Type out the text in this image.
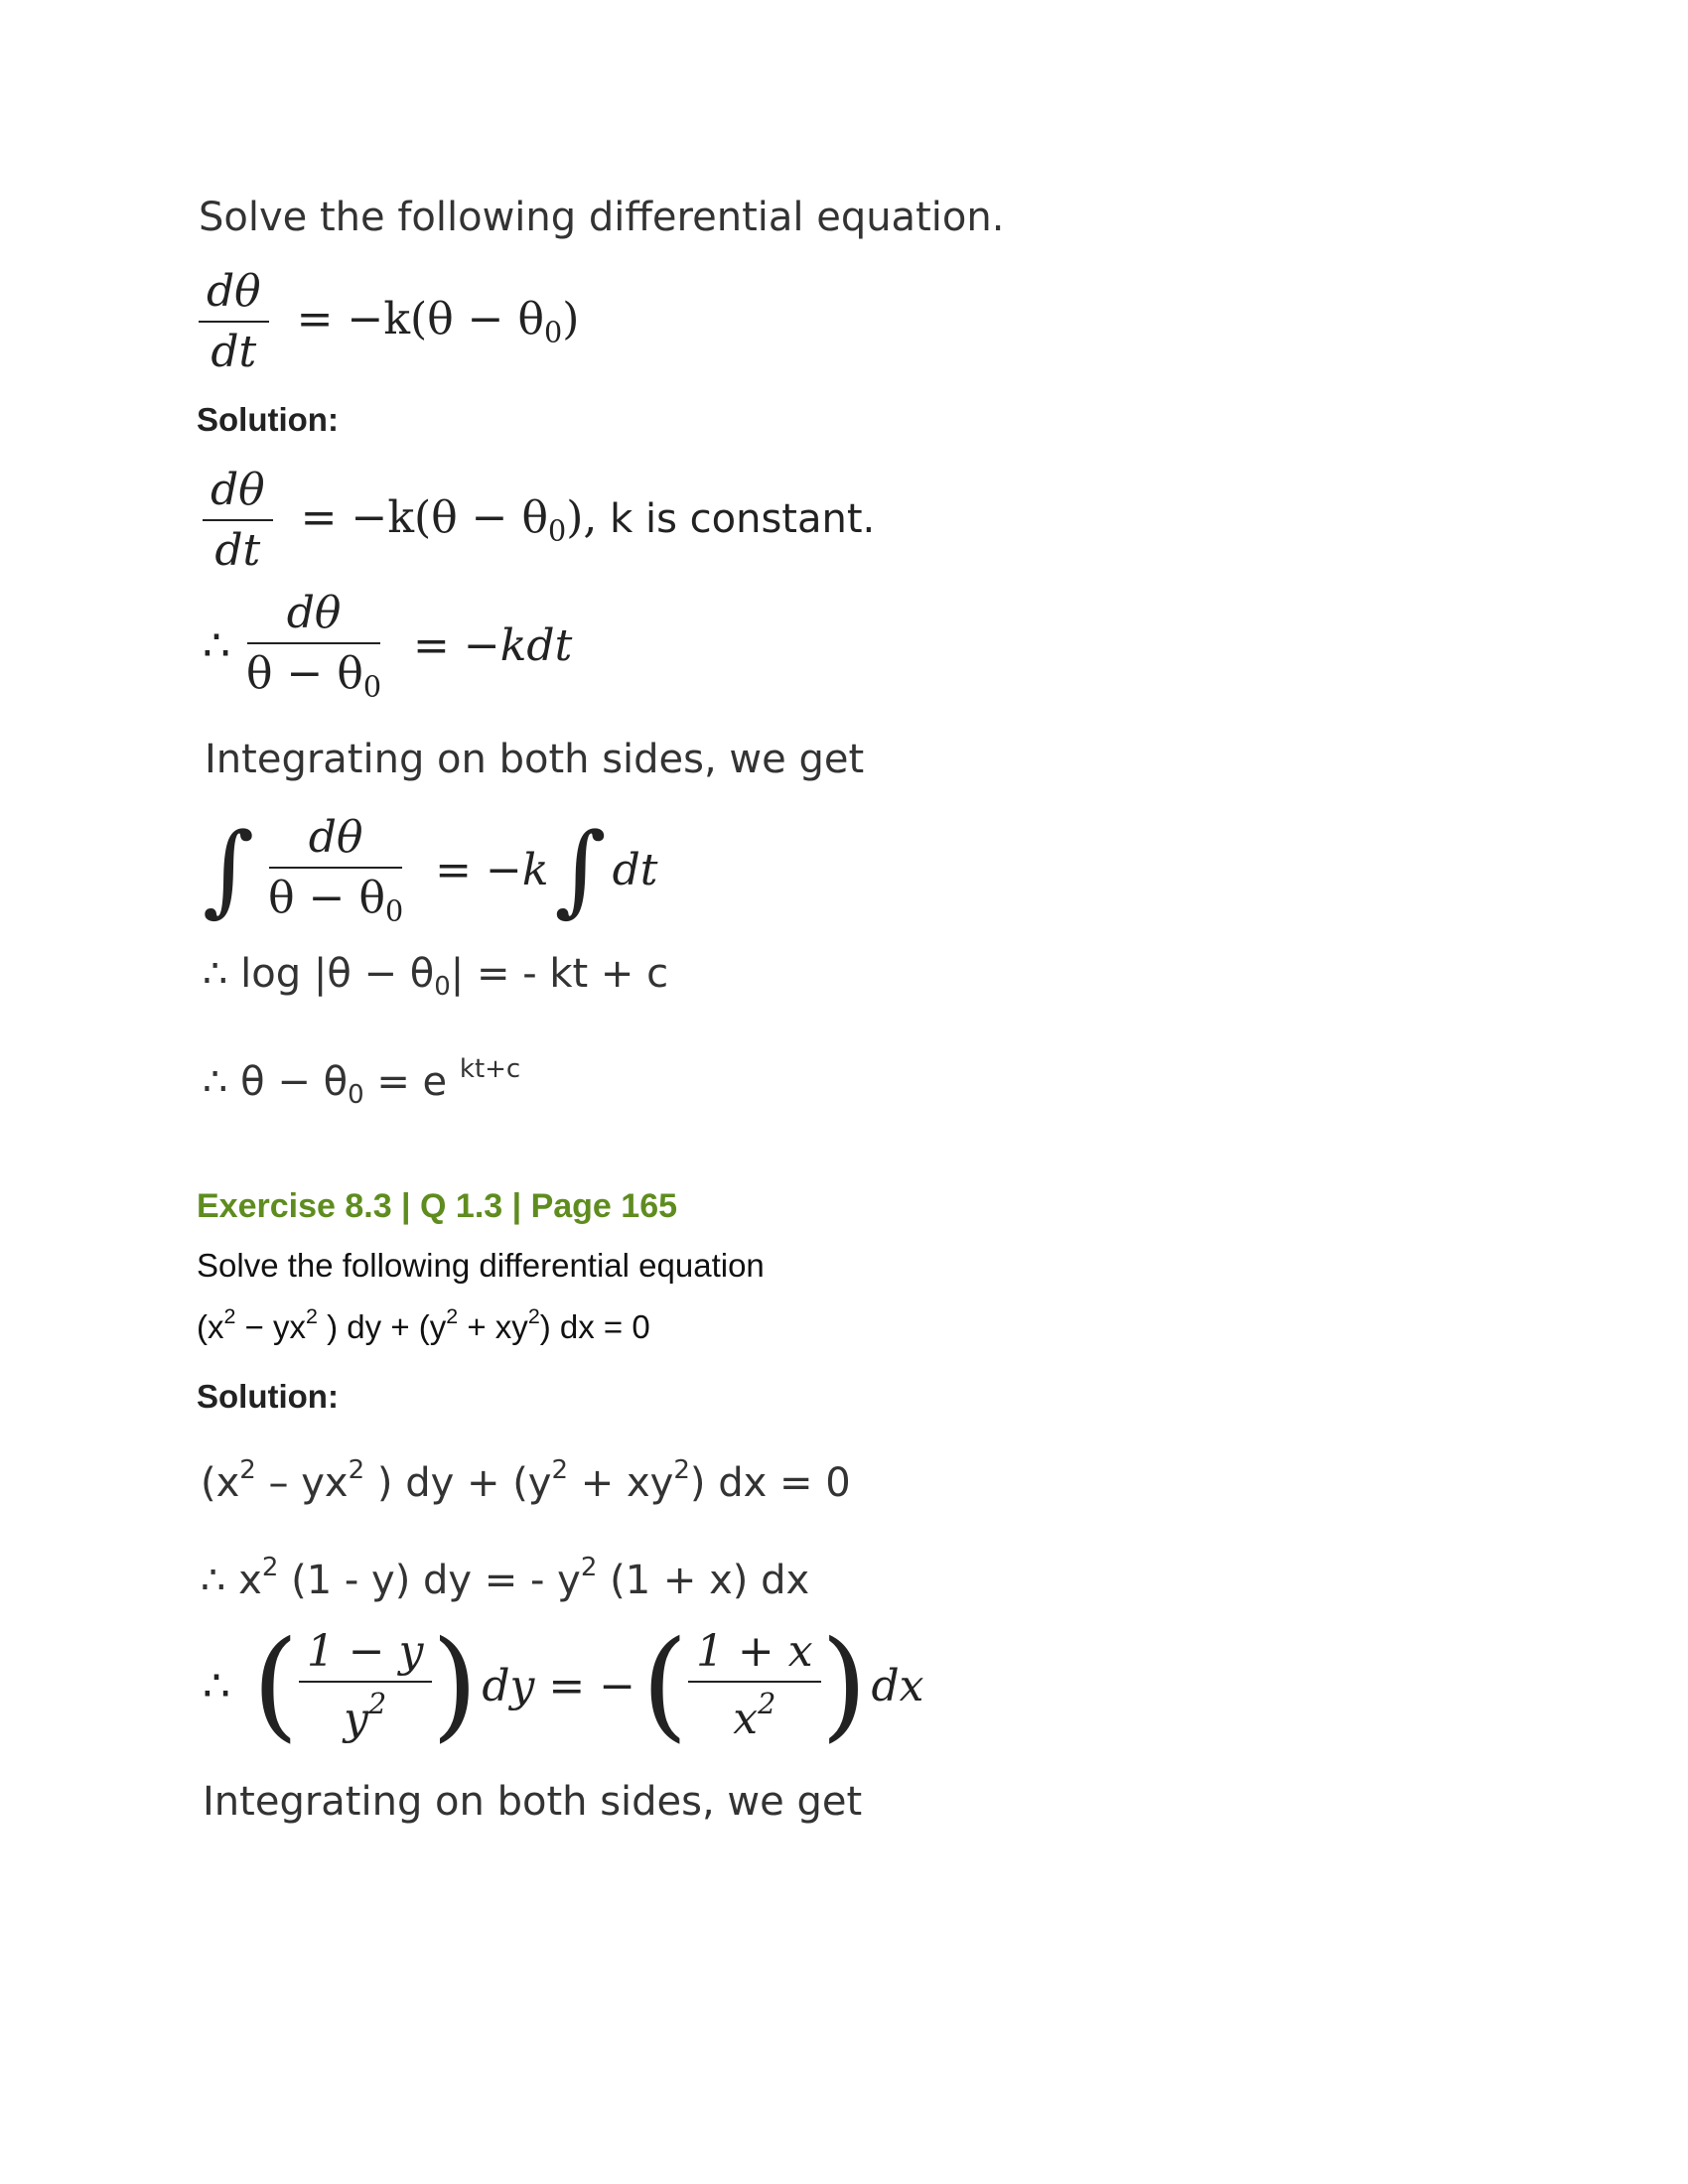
Solve the following differential equation.
$\frac{d\theta}{dt} = -k(\theta - \theta_0)$
Solution:
$\frac{d\theta}{dt} = -k(\theta - \theta_0)$, k is constant.
∴ $\frac{d\theta}{\theta - \theta_0} = -kdt$
Integrating on both sides, we get
∫ $\frac{d\theta}{\theta - \theta_0} = -k$ ∫ dt
∴ $\log |\theta - \theta_0|$ = - kt + c
∴ $\theta - \theta_0 = e$ $^{kt+c}$
Exercise 8.3 | Q 1.3 | Page 165
Solve the following differential equation
($x^2 - yx^2$ ) dy + $(y^2 + xy^2)$ dx = 0
Solution:
($x^2 - yx^2$ ) dy + $(y^2 + xy^2)$ dx = 0
∴ $x^2$ (1 - y) dy = - $y^2$ (1 + x) dx
∴ ( $\frac{1 - y}{y^2}$ ) dy = − ( $\frac{1 + x}{x^2}$ ) dx
Integrating on both sides, we get
